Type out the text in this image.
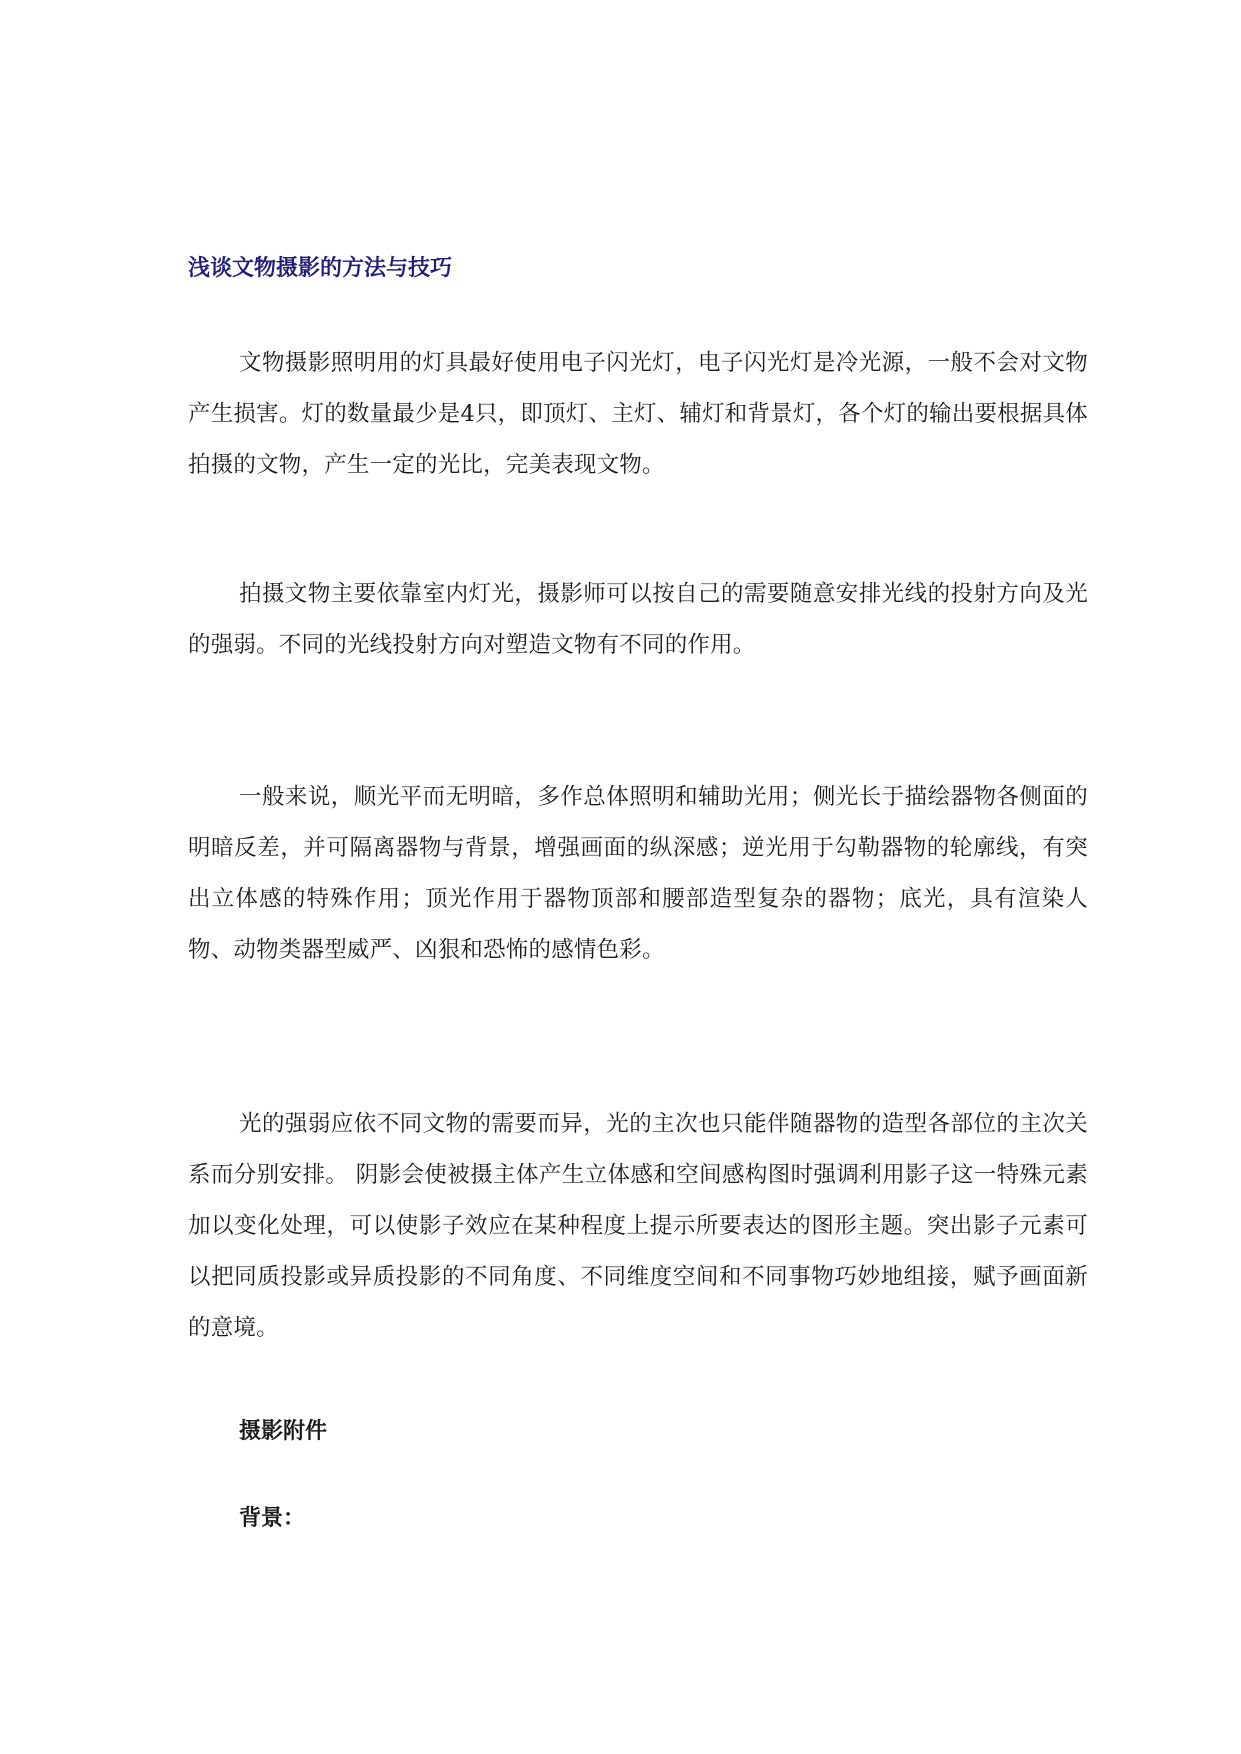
浅谈文物摄影的方法与技巧

文物摄影照明用的灯具最好使用电子闪光灯，电子闪光灯是冷光源，一般不会对文物产生损害。灯的数量最少是4只，即顶灯、主灯、辅灯和背景灯，各个灯的输出要根据具体拍摄的文物，产生一定的光比，完美表现文物。

拍摄文物主要依靠室内灯光，摄影师可以按自己的需要随意安排光线的投射方向及光的强弱。不同的光线投射方向对塑造文物有不同的作用。

一般来说，顺光平而无明暗，多作总体照明和辅助光用；侧光长于描绘器物各侧面的明暗反差，并可隔离器物与背景，增强画面的纵深感；逆光用于勾勒器物的轮廓线，有突出立体感的特殊作用；顶光作用于器物顶部和腰部造型复杂的器物；底光，具有渲染人物、动物类器型威严、凶狠和恐怖的感情色彩。

光的强弱应依不同文物的需要而异，光的主次也只能伴随器物的造型各部位的主次关系而分别安排。 阴影会使被摄主体产生立体感和空间感构图时强调利用影子这一特殊元素加以变化处理，可以使影子效应在某种程度上提示所要表达的图形主题。突出影子元素可以把同质投影或异质投影的不同角度、不同维度空间和不同事物巧妙地组接，赋予画面新的意境。

摄影附件
背景：
